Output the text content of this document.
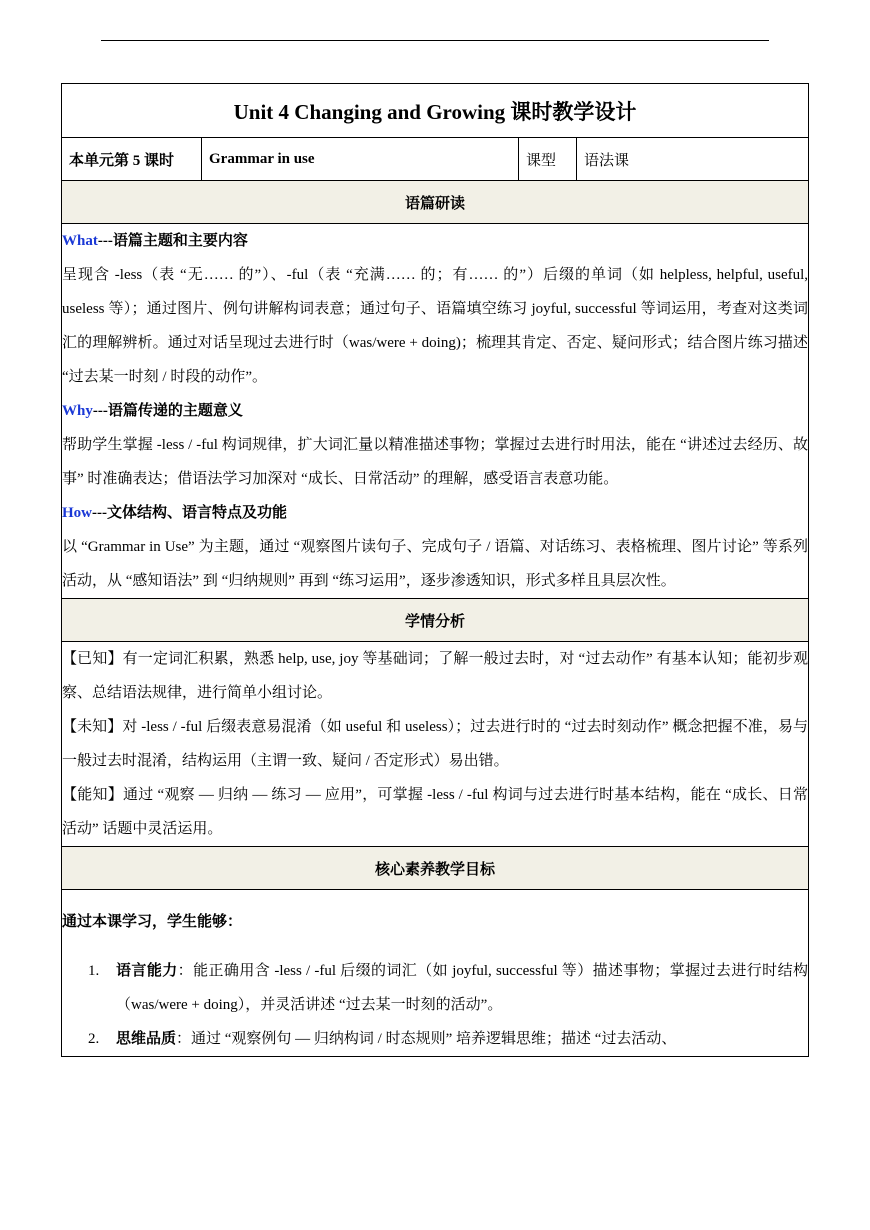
Unit 4 Changing and Growing 课时教学设计
本单元第 5 课时	Grammar in use	课型	语法课
语篇研读

What---语篇主题和主要内容

呈现含 -less（表 “无…… 的”）、-ful（表 “充满…… 的；有…… 的”）后缀的单词（如 helpless, helpful, useful, useless 等）；通过图片、例句讲解构词表意；通过句子、语篇填空练习 joyful, successful 等词运用，考查对这类词汇的理解辨析。通过对话呈现过去进行时（was/were + doing)；梳理其肯定、否定、疑问形式；结合图片练习描述 “过去某一时刻 / 时段的动作”。

Why---语篇传递的主题意义

帮助学生掌握 -less / -ful 构词规律，扩大词汇量以精准描述事物；掌握过去进行时用法，能在 “讲述过去经历、故事” 时准确表达；借语法学习加深对 “成长、日常活动” 的理解，感受语言表意功能。

How---文体结构、语言特点及功能

以 “Grammar in Use” 为主题，通过 “观察图片读句子、完成句子 / 语篇、对话练习、表格梳理、图片讨论” 等系列活动，从 “感知语法” 到 “归纳规则” 再到 “练习运用”，逐步渗透知识，形式多样且具层次性。

学情分析

【已知】有一定词汇积累，熟悉 help, use, joy 等基础词；了解一般过去时，对 “过去动作” 有基本认知；能初步观察、总结语法规律，进行简单小组讨论。

【未知】对 -less / -ful 后缀表意易混淆（如 useful 和 useless）；过去进行时的 “过去时刻动作” 概念把握不准，易与一般过去时混淆，结构运用（主谓一致、疑问 / 否定形式）易出错。

【能知】通过 “观察 — 归纳 — 练习 — 应用”，可掌握 -less / -ful 构词与过去进行时基本结构，能在 “成长、日常活动” 话题中灵活运用。

核心素养教学目标

通过本课学习，学生能够：

1.	语言能力：能正确用含 -less / -ful 后缀的词汇（如 joyful, successful 等）描述事物；掌握过去进行时结构（was/were + doing），并灵活讲述 “过去某一时刻的活动”。
2.	思维品质：通过 “观察例句 — 归纳构词 / 时态规则” 培养逻辑思维；描述 “过去活动、
